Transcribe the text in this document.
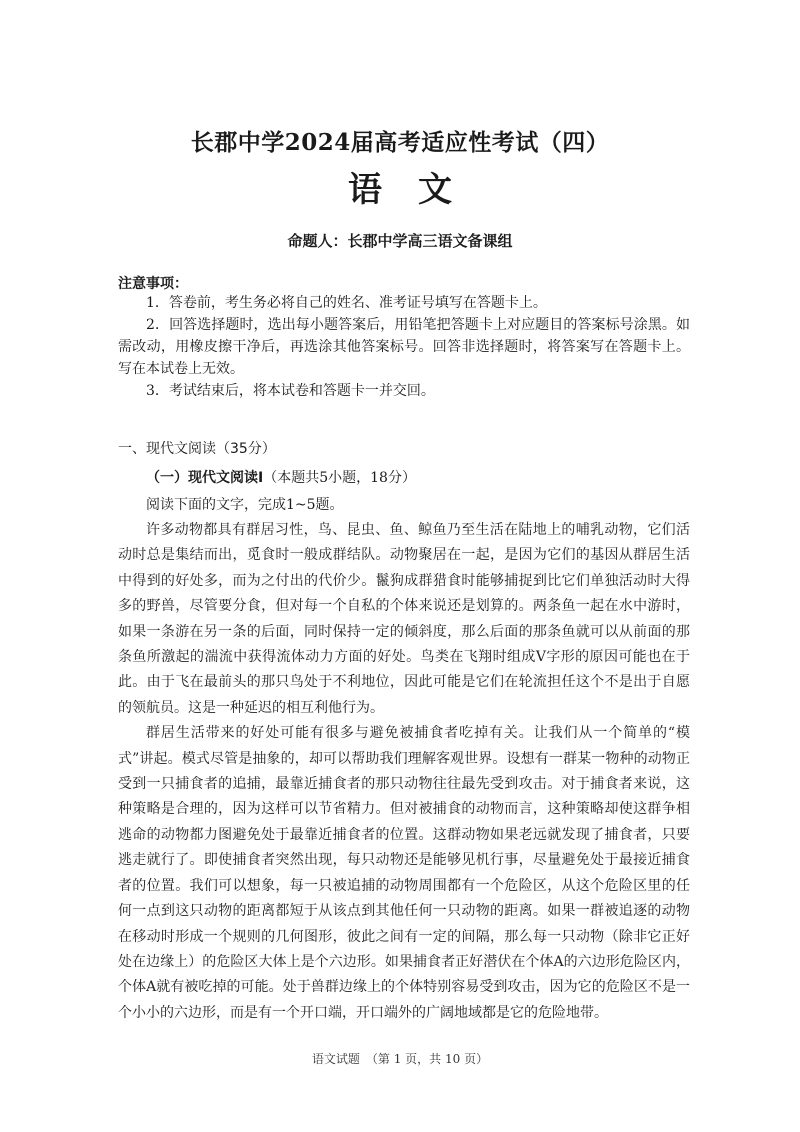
长郡中学2024届高考适应性考试（四）
语文
命题人：长郡中学高三语文备课组
注意事项：

1．答卷前，考生务必将自己的姓名、准考证号填写在答题卡上。

2．回答选择题时，选出每小题答案后，用铅笔把答题卡上对应题目的答案标号涂黑。如需改动，用橡皮擦干净后，再选涂其他答案标号。回答非选择题时，将答案写在答题卡上。写在本试卷上无效。

3．考试结束后，将本试卷和答题卡一并交回。

一、现代文阅读（35分）
（一）现代文阅读Ⅰ（本题共5小题，18分）
阅读下面的文字，完成1~5题。

许多动物都具有群居习性，鸟、昆虫、鱼、鲸鱼乃至生活在陆地上的哺乳动物，它们活动时总是集结而出，觅食时一般成群结队。动物聚居在一起，是因为它们的基因从群居生活中得到的好处多，而为之付出的代价少。鬣狗成群猎食时能够捕捉到比它们单独活动时大得多的野兽，尽管要分食，但对每一个自私的个体来说还是划算的。两条鱼一起在水中游时，如果一条游在另一条的后面，同时保持一定的倾斜度，那么后面的那条鱼就可以从前面的那条鱼所激起的湍流中获得流体动力方面的好处。鸟类在飞翔时组成V字形的原因可能也在于此。由于飞在最前头的那只鸟处于不利地位，因此可能是它们在轮流担任这个不是出于自愿的领航员。这是一种延迟的相互利他行为。

群居生活带来的好处可能有很多与避免被捕食者吃掉有关。让我们从一个简单的“模式”讲起。模式尽管是抽象的，却可以帮助我们理解客观世界。设想有一群某一物种的动物正受到一只捕食者的追捕，最靠近捕食者的那只动物往往最先受到攻击。对于捕食者来说，这种策略是合理的，因为这样可以节省精力。但对被捕食的动物而言，这种策略却使这群争相逃命的动物都力图避免处于最靠近捕食者的位置。这群动物如果老远就发现了捕食者，只要逃走就行了。即使捕食者突然出现，每只动物还是能够见机行事，尽量避免处于最接近捕食者的位置。我们可以想象，每一只被追捕的动物周围都有一个危险区，从这个危险区里的任何一点到这只动物的距离都短于从该点到其他任何一只动物的距离。如果一群被追逐的动物在移动时形成一个规则的几何图形，彼此之间有一定的间隔，那么每一只动物（除非它正好处在边缘上）的危险区大体上是个六边形。如果捕食者正好潜伏在个体A的六边形危险区内，个体A就有被吃掉的可能。处于兽群边缘上的个体特别容易受到攻击，因为它的危险区不是一个小小的六边形，而是有一个开口端，开口端外的广阔地域都是它的危险地带。

语文试题　（第 1 页，共 10 页）
